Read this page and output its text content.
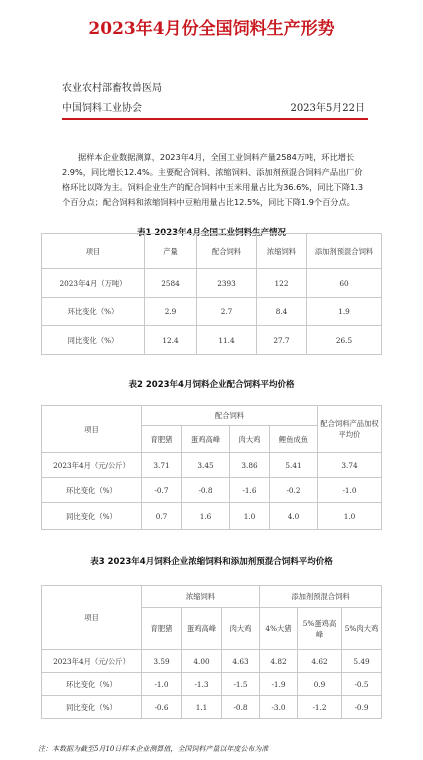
2023年4月份全国饲料生产形势
农业农村部畜牧兽医局
中国饲料工业协会	2023年5月22日

据样本企业数据测算，2023年4月，全国工业饲料产量2584万吨，环比增长2.9%，同比增长12.4%。主要配合饲料、浓缩饲料、添加剂预混合饲料产品出厂价格环比以降为主。饲料企业生产的配合饲料中玉米用量占比为36.6%，同比下降1.3个百分点；配合饲料和浓缩饲料中豆粕用量占比12.5%，同比下降1.9个百分点。

表1 2023年4月全国工业饲料生产情况
项目	产量	配合饲料	浓缩饲料	添加剂预混合饲料
2023年4月（万吨）	2584	2393	122	60
环比变化（%）	2.9	2.7	8.4	1.9
同比变化（%）	12.4	11.4	27.7	26.5
表2 2023年4月饲料企业配合饲料平均价格
项目	配合饲料				配合饲料产品加权平均价
	育肥猪	蛋鸡高峰	肉大鸡	鲤鱼成鱼	
2023年4月（元/公斤）	3.71	3.45	3.86	5.41	3.74
环比变化（%）	-0.7	-0.8	-1.6	-0.2	-1.0
同比变化（%）	0.7	1.6	1.0	4.0	1.0
表3 2023年4月饲料企业浓缩饲料和添加剂预混合饲料平均价格
项目	浓缩饲料			添加剂预混合饲料		
	育肥猪	蛋鸡高峰	肉大鸡	4%大猪	5%蛋鸡高峰	5%肉大鸡
2023年4月（元/公斤）	3.59	4.00	4.63	4.82	4.62	5.49
环比变化（%）	-1.0	-1.3	-1.5	-1.9	0.9	-0.5
同比变化（%）	-0.6	1.1	-0.8	-3.0	-1.2	-0.9
注：本数据为截至5月10日样本企业测算值，全国饲料产量以年度公布为准
